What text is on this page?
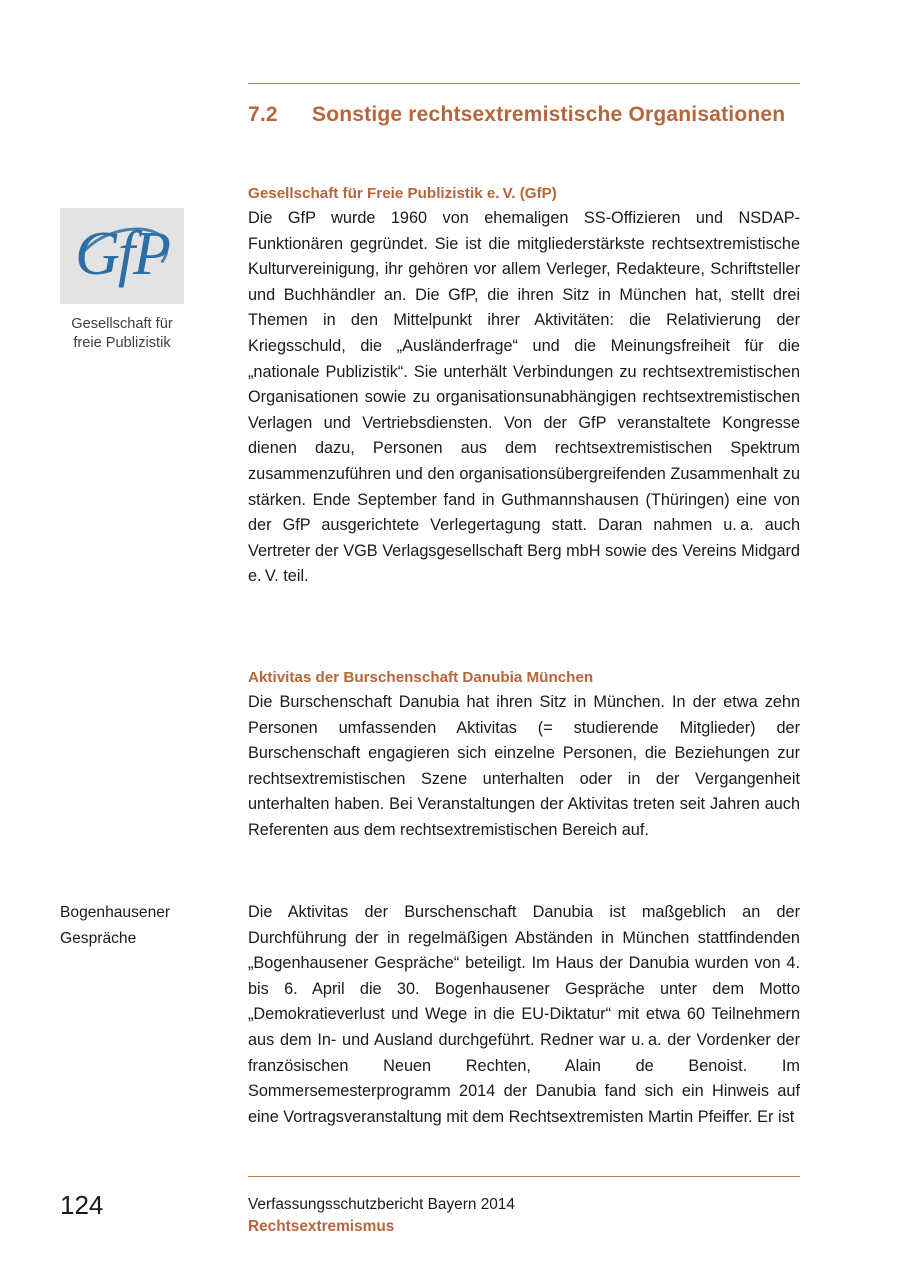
7.2	Sonstige rechtsextremistische Organisationen
GfP
Gesellschaft für
freie Publizistik
Gesellschaft für Freie Publizistik e. V. (GfP)

Die GfP wurde 1960 von ehemaligen SS-Offizieren und NSDAP-Funktionären gegründet. Sie ist die mitgliederstärkste rechtsextremistische Kulturvereinigung, ihr gehören vor allem Verleger, Redakteure, Schriftsteller und Buchhändler an. Die GfP, die ihren Sitz in München hat, stellt drei Themen in den Mittelpunkt ihrer Aktivitäten: die Relativierung der Kriegsschuld, die „Ausländerfrage“ und die Meinungsfreiheit für die „nationale Publizistik“. Sie unterhält Verbindungen zu rechtsextremistischen Organisationen sowie zu organisationsunabhängigen rechtsextremistischen Verlagen und Vertriebsdiensten. Von der GfP veranstaltete Kongresse dienen dazu, Personen aus dem rechtsextremistischen Spektrum zusammenzuführen und den organisationsübergreifenden Zusammenhalt zu stärken. Ende September fand in Guthmannshausen (Thüringen) eine von der GfP ausgerichtete Verlegertagung statt. Daran nahmen u. a. auch Vertreter der VGB Verlagsgesellschaft Berg mbH sowie des Vereins Midgard e. V. teil.

Aktivitas der Burschenschaft Danubia München

Die Burschenschaft Danubia hat ihren Sitz in München. In der etwa zehn Personen umfassenden Aktivitas (= studierende Mitglieder) der Burschenschaft engagieren sich einzelne Personen, die Beziehungen zur rechtsextremistischen Szene unterhalten oder in der Vergangenheit unterhalten haben. Bei Veranstaltungen der Aktivitas treten seit Jahren auch Referenten aus dem rechtsextremistischen Bereich auf.

Bogenhausener Gespräche

Die Aktivitas der Burschenschaft Danubia ist maßgeblich an der Durchführung der in regelmäßigen Abständen in München stattfindenden „Bogenhausener Gespräche“ beteiligt. Im Haus der Danubia wurden von 4. bis 6. April die 30. Bogenhausener Gespräche unter dem Motto „Demokratieverlust und Wege in die EU-Diktatur“ mit etwa 60 Teilnehmern aus dem In- und Ausland durchgeführt. Redner war u. a. der Vordenker der französischen Neuen Rechten, Alain de Benoist. Im Sommersemesterprogramm 2014 der Danubia fand sich ein Hinweis auf eine Vortragsveranstaltung mit dem Rechtsextremisten Martin Pfeiffer. Er ist

124	Verfassungsschutzbericht Bayern 2014
Rechtsextremismus
